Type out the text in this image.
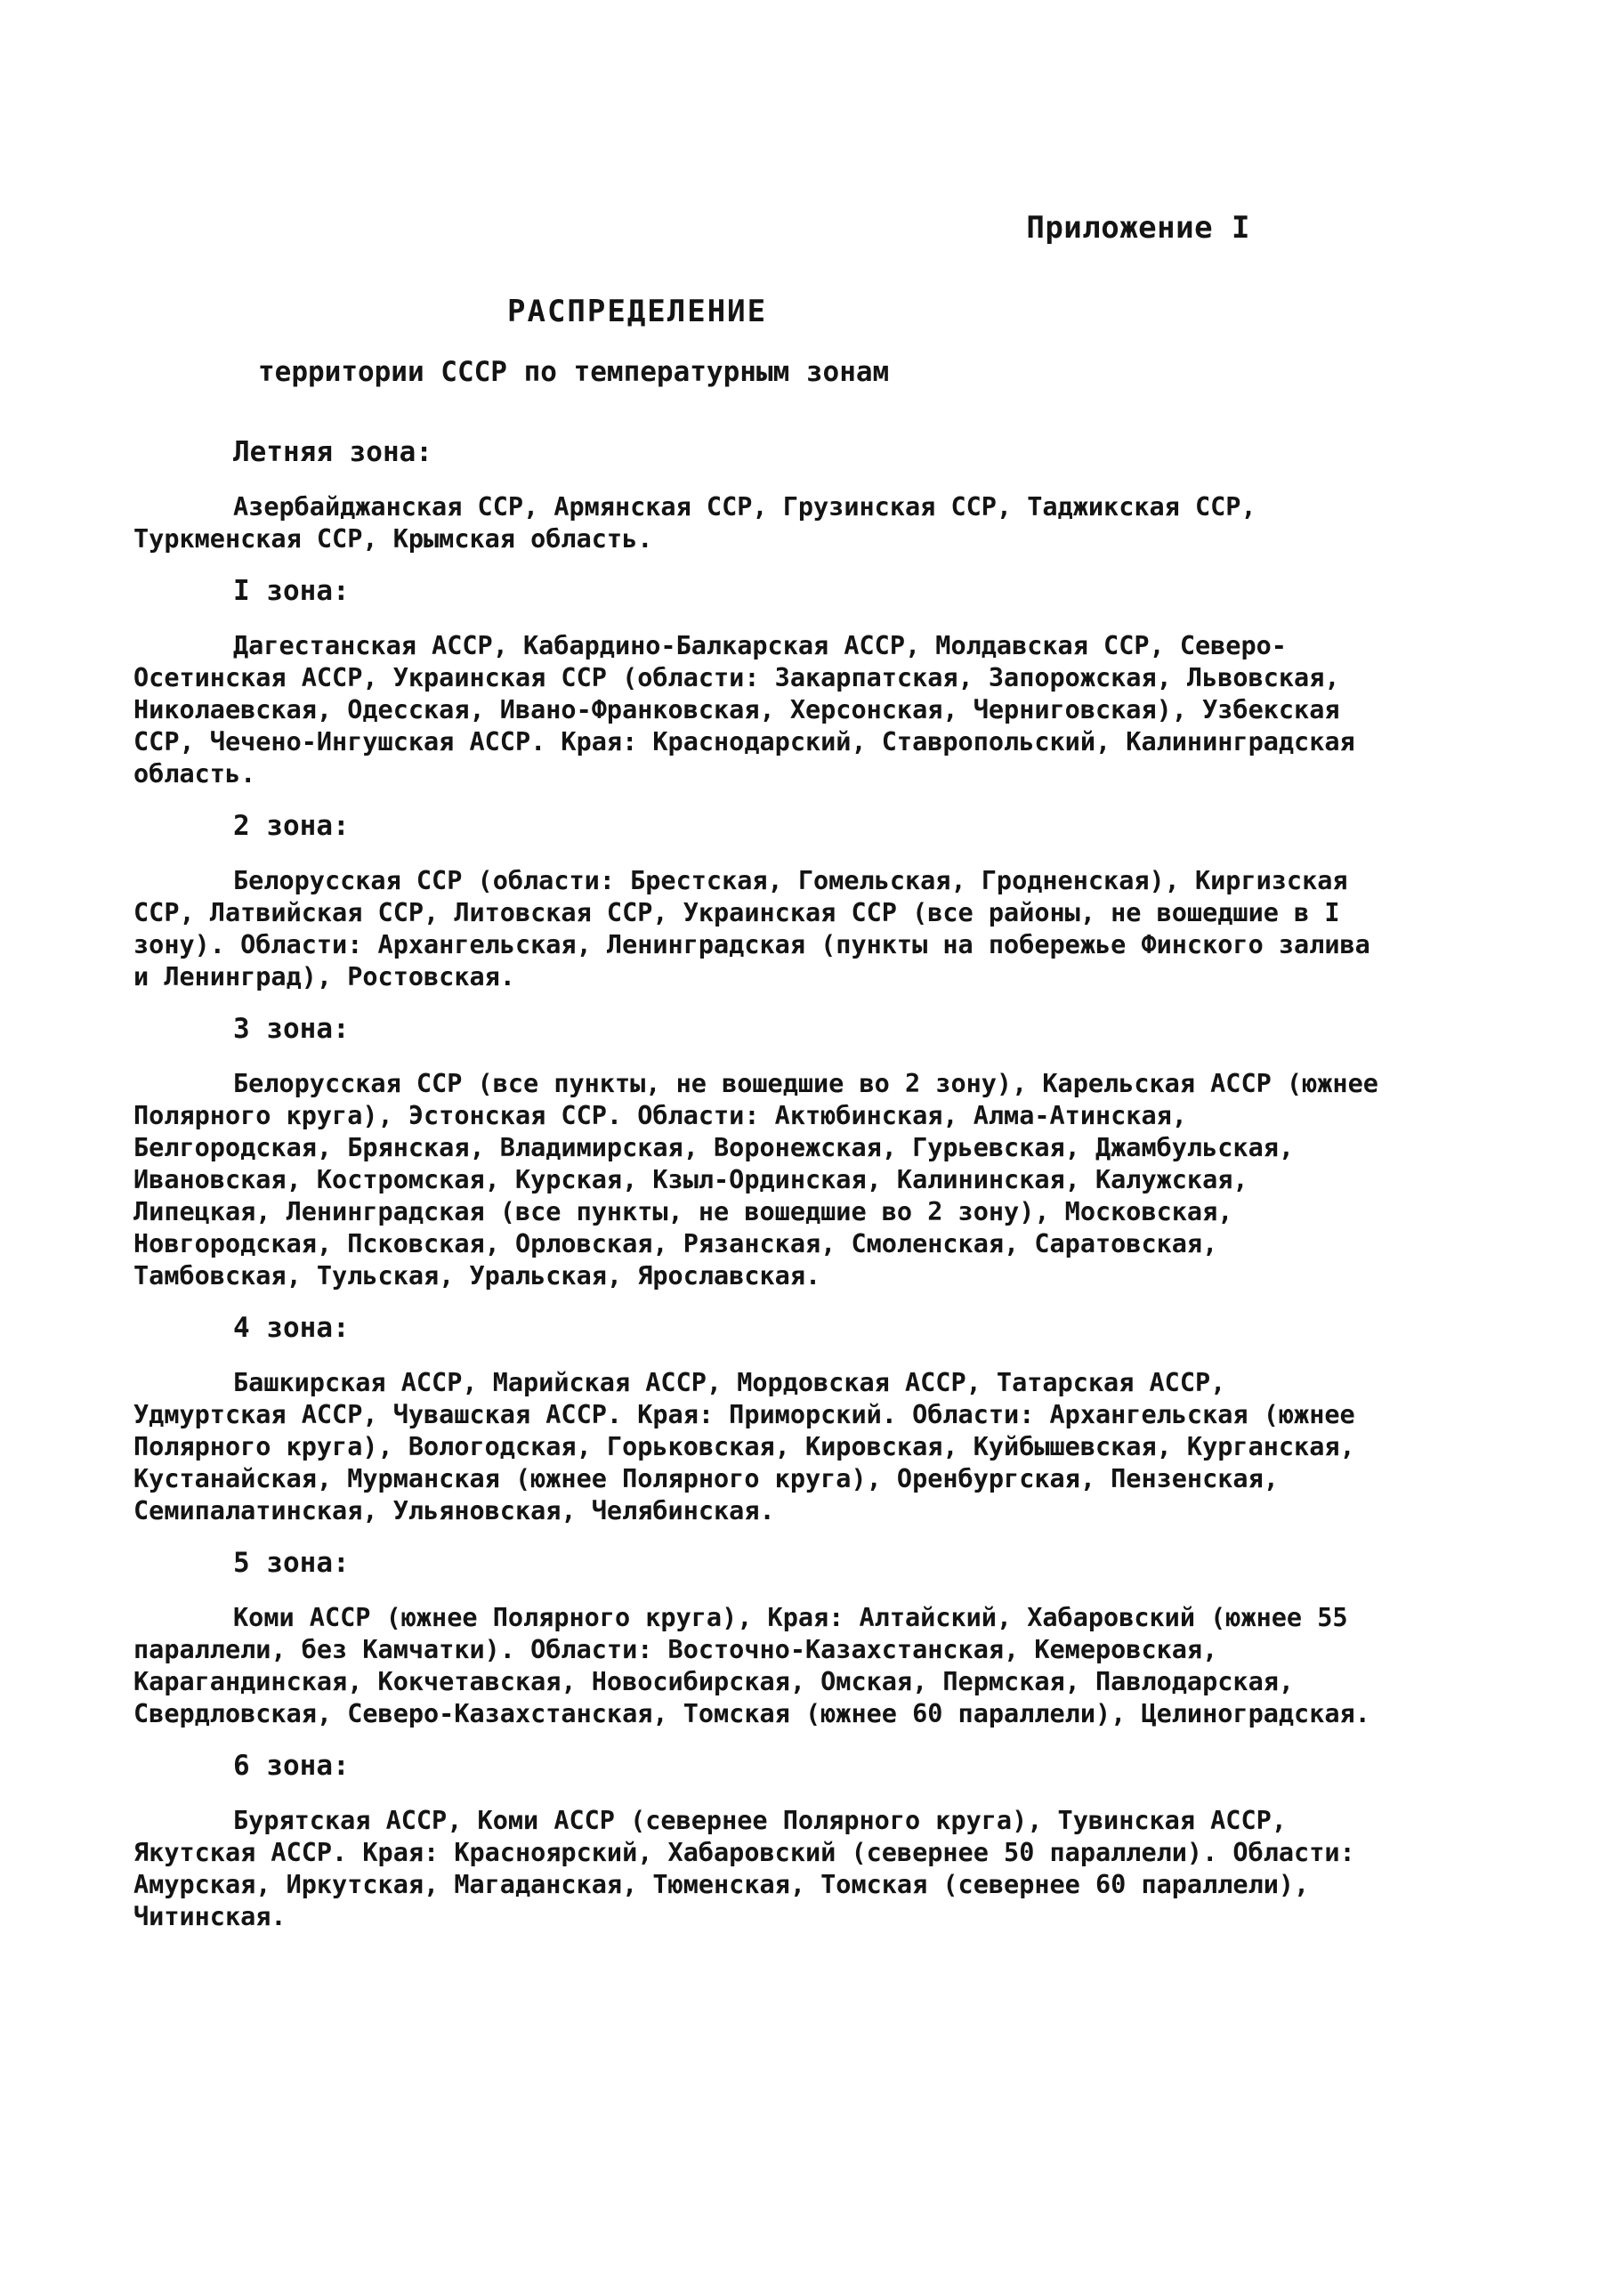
Приложение I
РАСПРЕДЕЛЕНИЕ
территории СССР по температурным зонам
Летняя зона:

Азербайджанская ССР, Армянская ССР, Грузинская ССР, Таджикская ССР, Туркменская ССР, Крымская область.

I зона:

Дагестанская АССР, Кабардино-Балкарская АССР, Молдавская ССР, Северо-Осетинская АССР, Украинская ССР (области: Закарпатская, Запорожская, Львовская, Николаевская, Одесская, Ивано-Франковская, Херсонская, Черниговская), Узбекская ССР, Чечено-Ингушская АССР. Края: Краснодарский, Ставропольский, Калининградская область.

2 зона:

Белорусская ССР (области: Брестская, Гомельская, Гродненская), Киргизская ССР, Латвийская ССР, Литовская ССР, Украинская ССР (все районы, не вошедшие в I зону). Области: Архангельская, Ленинградская (пункты на побережье Финского залива и Ленинград), Ростовская.

3 зона:

Белорусская ССР (все пункты, не вошедшие во 2 зону), Карельская АССР (южнее Полярного круга), Эстонская ССР. Области: Актюбинская, Алма-Атинская, Белгородская, Брянская, Владимирская, Воронежская, Гурьевская, Джамбульская, Ивановская, Костромская, Курская, Кзыл-Ординская, Калининская, Калужская, Липецкая, Ленинградская (все пункты, не вошедшие во 2 зону), Московская, Новгородская, Псковская, Орловская, Рязанская, Смоленская, Саратовская, Тамбовская, Тульская, Уральская, Ярославская.

4 зона:

Башкирская АССР, Марийская АССР, Мордовская АССР, Татарская АССР, Удмуртская АССР, Чувашская АССР. Края: Приморский. Области: Архангельская (южнее Полярного круга), Вологодская, Горьковская, Кировская, Куйбышевская, Курганская, Кустанайская, Мурманская (южнее Полярного круга), Оренбургская, Пензенская, Семипалатинская, Ульяновская, Челябинская.

5 зона:

Коми АССР (южнее Полярного круга), Края: Алтайский, Хабаровский (южнее 55 параллели, без Камчатки). Области: Восточно-Казахстанская, Кемеровская, Карагандинская, Кокчетавская, Новосибирская, Омская, Пермская, Павлодарская, Свердловская, Северо-Казахстанская, Томская (южнее 60 параллели), Целиноградская.

6 зона:

Бурятская АССР, Коми АССР (севернее Полярного круга), Тувинская АССР, Якутская АССР. Края: Красноярский, Хабаровский (севернее 50 параллели). Области: Амурская, Иркутская, Магаданская, Тюменская, Томская (севернее 60 параллели), Читинская.
